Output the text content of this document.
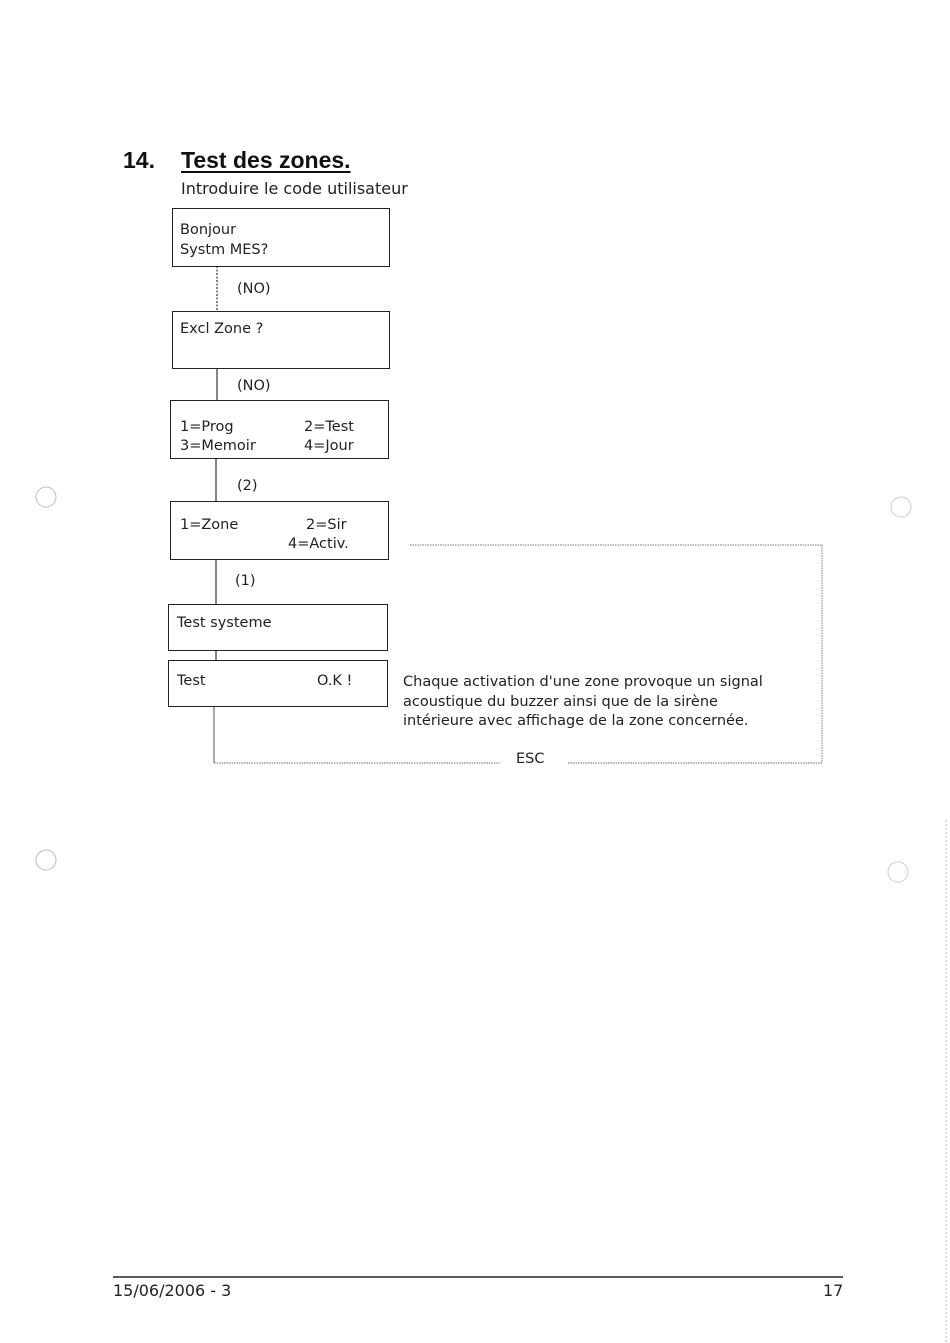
14. Test des zones.
Introduire le code utilisateur
Bonjour
Systm MES?
(NO)
Excl Zone ?
(NO)
1=Prog	2=Test
3=Memoir	4=Jour
(2)
1=Zone	2=Sir
4=Activ.
(1)
Test systeme
Test	O.K !	Chaque activation d'une zone provoque un signal acoustique du buzzer ainsi que de la sirène intérieure avec affichage de la zone concernée.
ESC
15/06/2006 - 3	17
